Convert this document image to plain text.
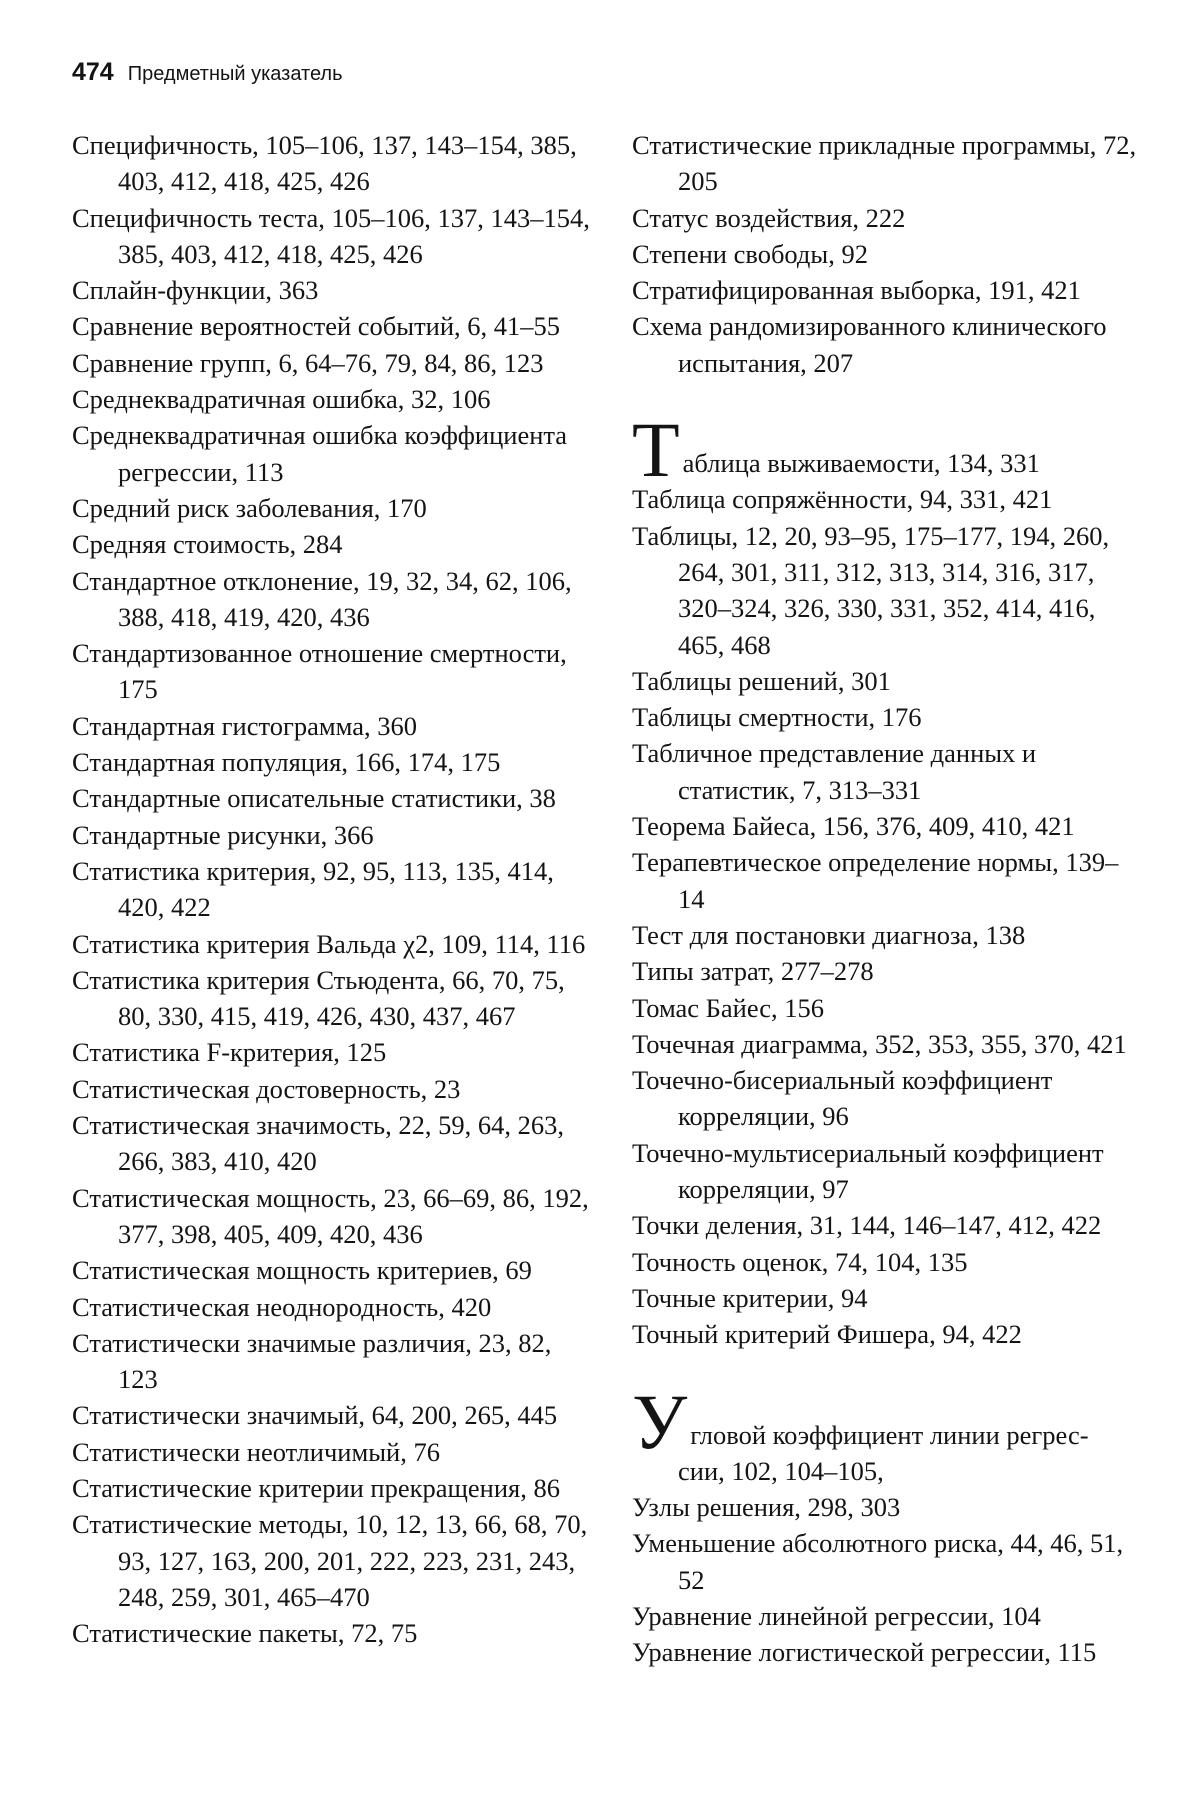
474 Предметный указатель

Специфичность, 105–106, 137, 143–154, 385, 403, 412, 418, 425, 426

Специфичность теста, 105–106, 137, 143–154, 385, 403, 412, 418, 425, 426

Сплайн-функции, 363

Сравнение вероятностей событий, 6, 41–55

Сравнение групп, 6, 64–76, 79, 84, 86, 123

Среднеквадратичная ошибка, 32, 106

Среднеквадратичная ошибка коэффициента регрессии, 113

Средний риск заболевания, 170

Средняя стоимость, 284

Стандартное отклонение, 19, 32, 34, 62, 106, 388, 418, 419, 420, 436

Стандартизованное отношение смертности, 175

Стандартная гистограмма, 360

Стандартная популяция, 166, 174, 175

Стандартные описательные статистики, 38

Стандартные рисунки, 366

Статистика критерия, 92, 95, 113, 135, 414, 420, 422

Статистика критерия Вальда χ2, 109, 114, 116

Статистика критерия Стьюдента, 66, 70, 75, 80, 330, 415, 419, 426, 430, 437, 467

Статистика F-критерия, 125

Статистическая достоверность, 23

Статистическая значимость, 22, 59, 64, 263, 266, 383, 410, 420

Статистическая мощность, 23, 66–69, 86, 192, 377, 398, 405, 409, 420, 436

Статистическая мощность критериев, 69

Статистическая неоднородность, 420

Статистически значимые различия, 23, 82, 123

Статистически значимый, 64, 200, 265, 445

Статистически неотличимый, 76

Статистические критерии прекращения, 86

Статистические методы, 10, 12, 13, 66, 68, 70, 93, 127, 163, 200, 201, 222, 223, 231, 243, 248, 259, 301, 465–470

Статистические пакеты, 72, 75

Статистические прикладные программы, 72, 205

Статус воздействия, 222

Степени свободы, 92

Стратифицированная выборка, 191, 421

Схема рандомизированного клинического испытания, 207

Т аблица выживаемости, 134, 331

Таблица сопряжённости, 94, 331, 421

Таблицы, 12, 20, 93–95, 175–177, 194, 260, 264, 301, 311, 312, 313, 314, 316, 317, 320–324, 326, 330, 331, 352, 414, 416, 465, 468

Таблицы решений, 301

Таблицы смертности, 176

Табличное представление данных и статистик, 7, 313–331

Теорема Байеса, 156, 376, 409, 410, 421

Терапевтическое определение нормы, 139–14

Тест для постановки диагноза, 138

Типы затрат, 277–278

Томас Байес, 156

Точечная диаграмма, 352, 353, 355, 370, 421

Точечно-бисериальный коэффициент корреляции, 96

Точечно-мультисериальный коэффициент корреляции, 97

Точки деления, 31, 144, 146–147, 412, 422

Точность оценок, 74, 104, 135

Точные критерии, 94

Точный критерий Фишера, 94, 422

У гловой коэффициент линии регрес-
сии, 102, 104–105,

Узлы решения, 298, 303

Уменьшение абсолютного риска, 44, 46, 51, 52

Уравнение линейной регрессии, 104

Уравнение логистической регрессии, 115
